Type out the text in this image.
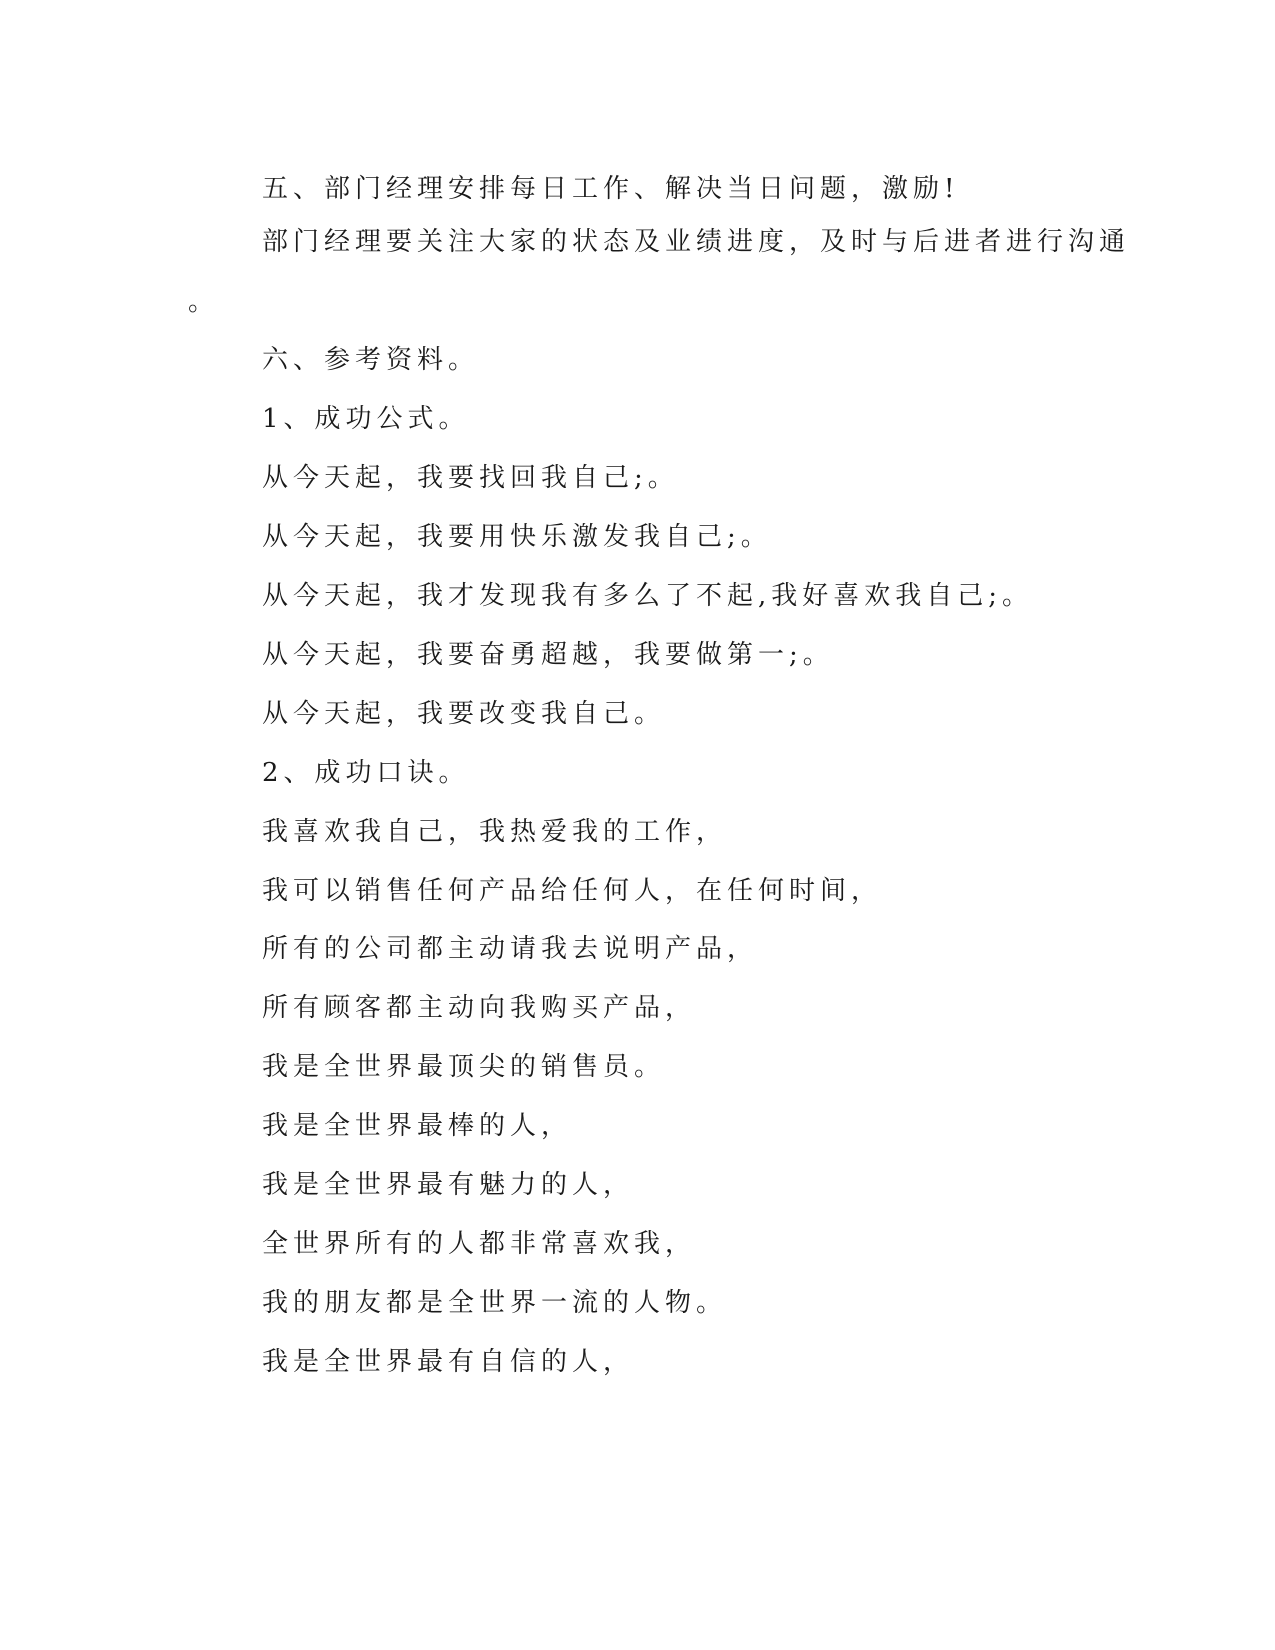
五、部门经理安排每日工作、解决当日问题，激励!
部门经理要关注大家的状态及业绩进度，及时与后进者进行沟通
。
六、参考资料。
1、成功公式。
从今天起，我要找回我自己;。
从今天起，我要用快乐激发我自己;。
从今天起，我才发现我有多么了不起,我好喜欢我自己;。
从今天起，我要奋勇超越，我要做第一;。
从今天起，我要改变我自己。
2、成功口诀。
我喜欢我自己，我热爱我的工作，
我可以销售任何产品给任何人，在任何时间，
所有的公司都主动请我去说明产品，
所有顾客都主动向我购买产品，
我是全世界最顶尖的销售员。
我是全世界最棒的人，
我是全世界最有魅力的人，
全世界所有的人都非常喜欢我，
我的朋友都是全世界一流的人物。
我是全世界最有自信的人，
